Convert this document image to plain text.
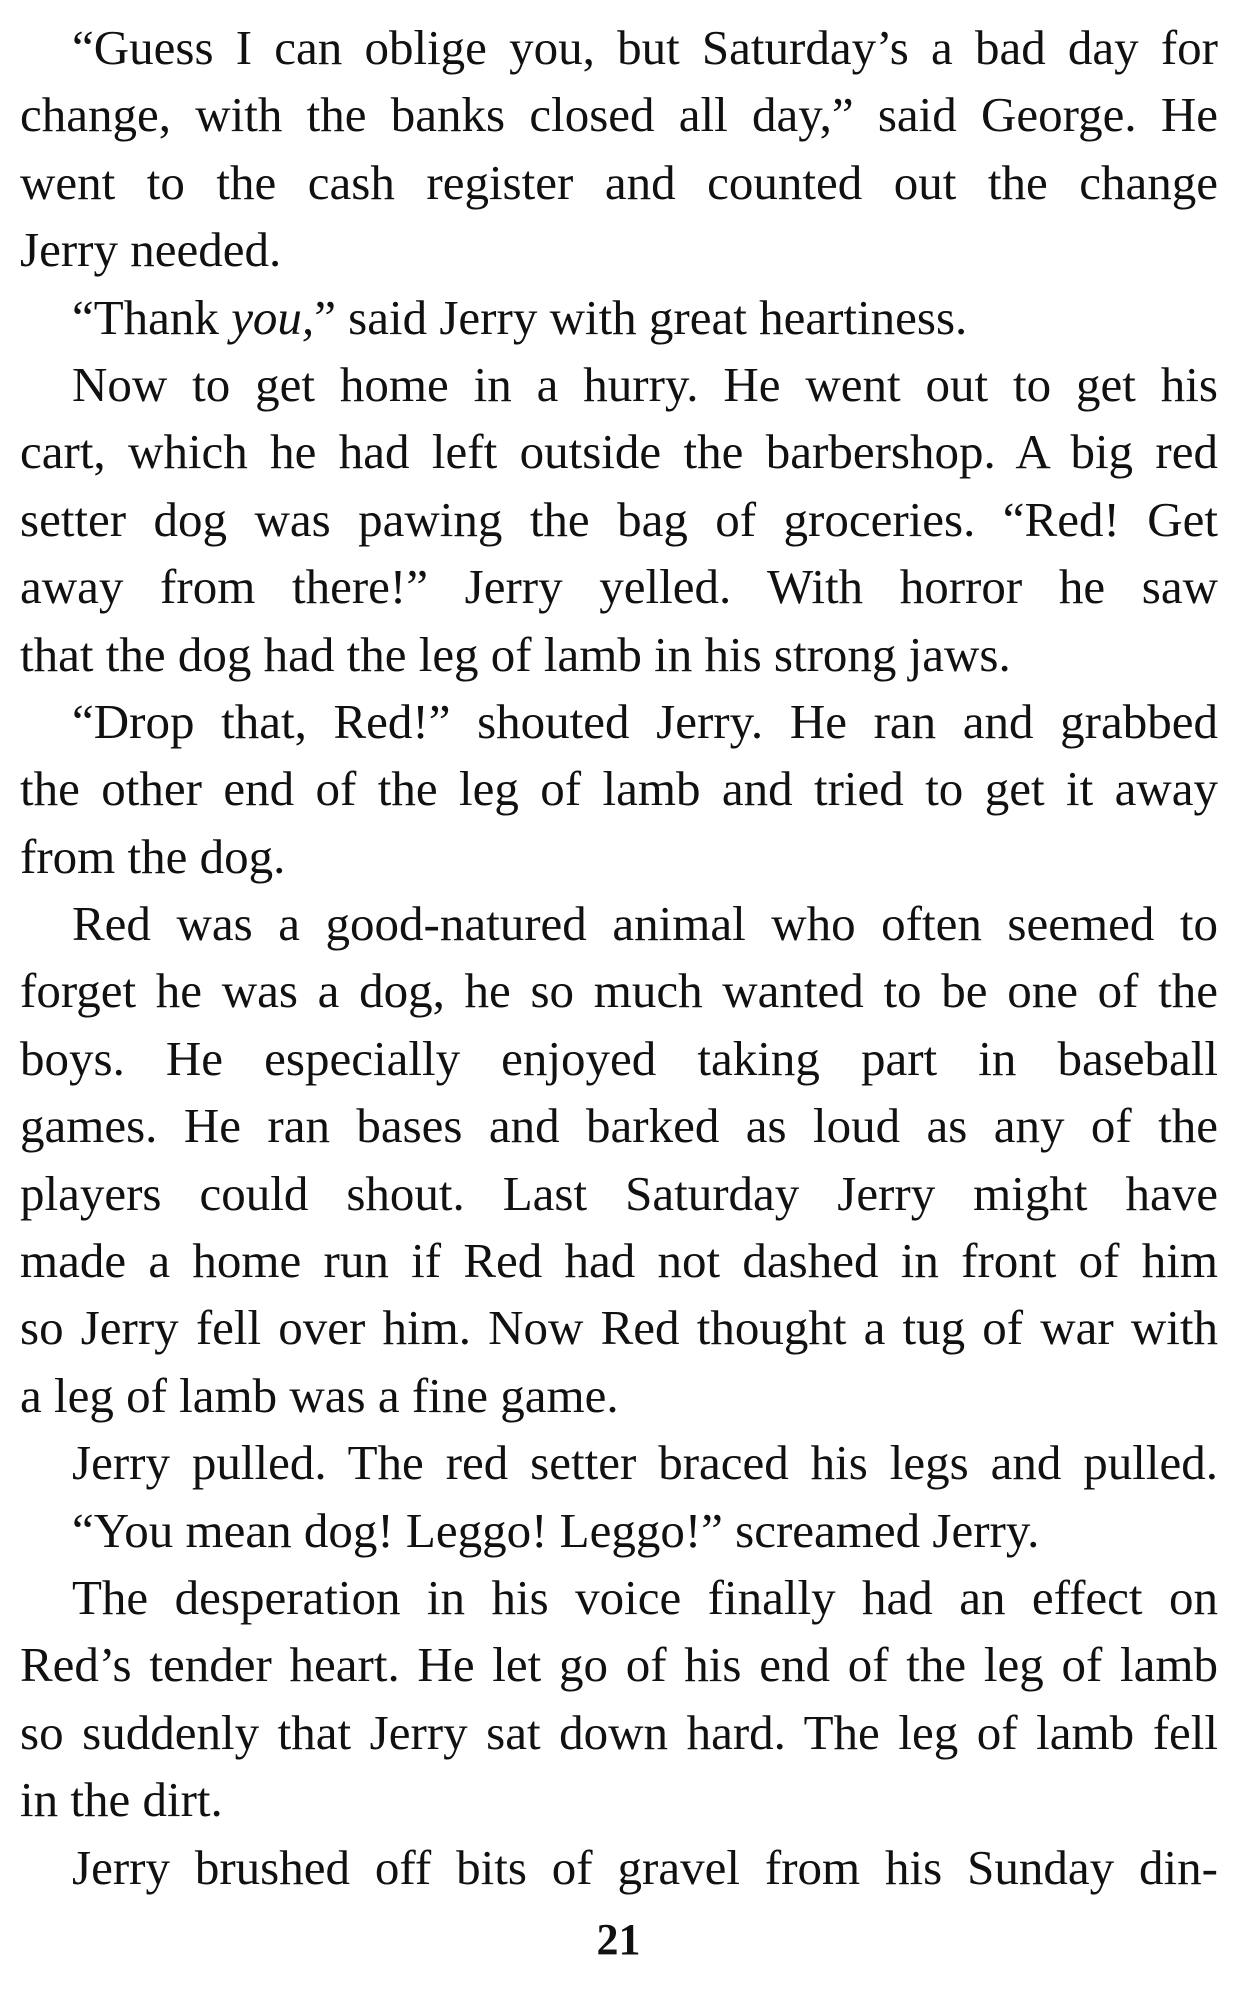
“Guess I can oblige you, but Saturday’s a bad day for
change, with the banks closed all day,” said George. He
went to the cash register and counted out the change
Jerry needed.
“Thank you,” said Jerry with great heartiness.
Now to get home in a hurry. He went out to get his
cart, which he had left outside the barbershop. A big red
setter dog was pawing the bag of groceries. “Red! Get
away from there!” Jerry yelled. With horror he saw
that the dog had the leg of lamb in his strong jaws.
“Drop that, Red!” shouted Jerry. He ran and grabbed
the other end of the leg of lamb and tried to get it away
from the dog.
Red was a good-natured animal who often seemed to
forget he was a dog, he so much wanted to be one of the
boys. He especially enjoyed taking part in baseball
games. He ran bases and barked as loud as any of the
players could shout. Last Saturday Jerry might have
made a home run if Red had not dashed in front of him
so Jerry fell over him. Now Red thought a tug of war with
a leg of lamb was a fine game.
Jerry pulled. The red setter braced his legs and pulled.
“You mean dog! Leggo! Leggo!” screamed Jerry.
The desperation in his voice finally had an effect on
Red’s tender heart. He let go of his end of the leg of lamb
so suddenly that Jerry sat down hard. The leg of lamb fell
in the dirt.
Jerry brushed off bits of gravel from his Sunday din-
21
